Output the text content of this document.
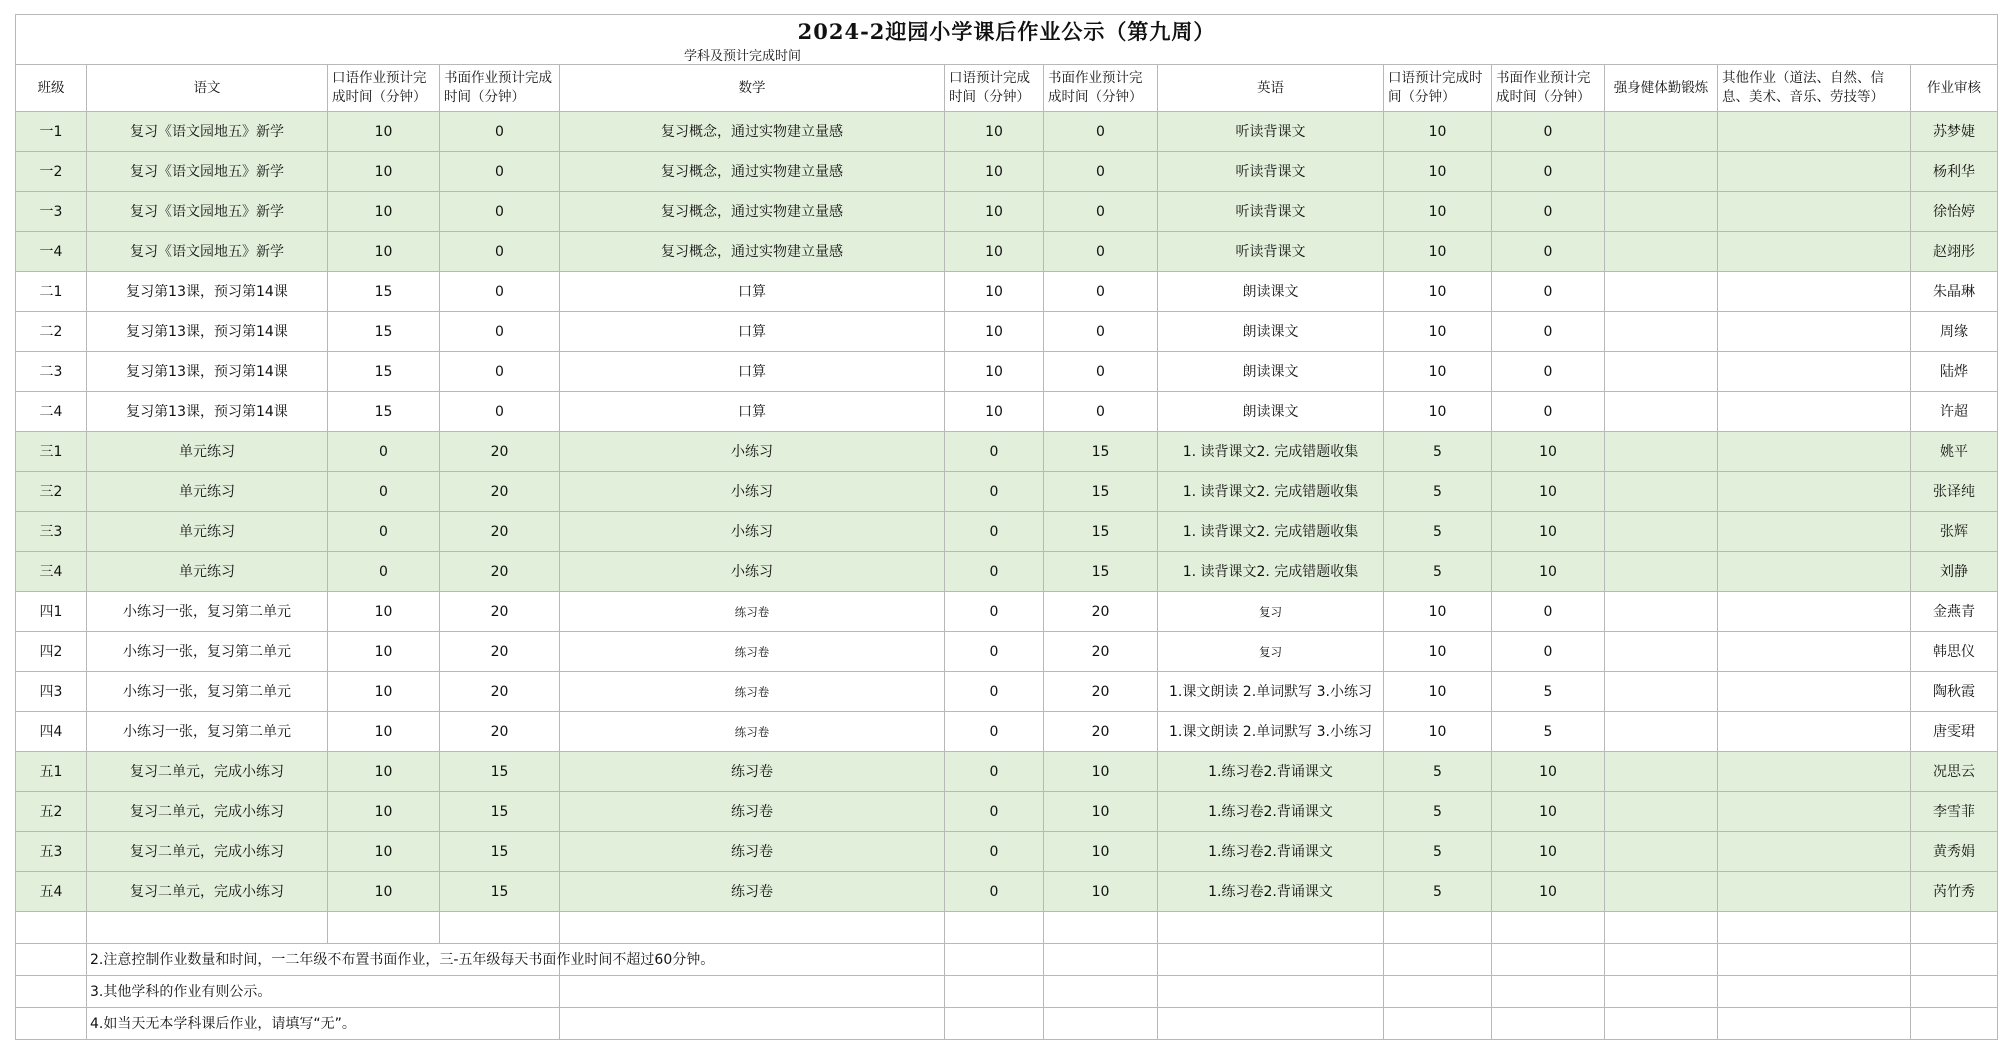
2024-2迎园小学课后作业公示（第九周）												
学科及预计完成时间												
班级	语文	口语作业预计完成时间（分钟）	书面作业预计完成时间（分钟）	数学	口语预计完成时间（分钟）	书面作业预计完成时间（分钟）	英语	口语预计完成时间（分钟）	书面作业预计完成时间（分钟）	强身健体勤锻炼	其他作业（道法、自然、信息、美术、音乐、劳技等）	作业审核
一1	复习《语文园地五》新学	10	0	复习概念，通过实物建立量感	10	0	听读背课文	10	0			苏梦婕
一2	复习《语文园地五》新学	10	0	复习概念，通过实物建立量感	10	0	听读背课文	10	0			杨利华
一3	复习《语文园地五》新学	10	0	复习概念，通过实物建立量感	10	0	听读背课文	10	0			徐怡婷
一4	复习《语文园地五》新学	10	0	复习概念，通过实物建立量感	10	0	听读背课文	10	0			赵翊彤
二1	复习第13课，预习第14课	15	0	口算	10	0	朗读课文	10	0			朱晶琳
二2	复习第13课，预习第14课	15	0	口算	10	0	朗读课文	10	0			周缘
二3	复习第13课，预习第14课	15	0	口算	10	0	朗读课文	10	0			陆烨
二4	复习第13课，预习第14课	15	0	口算	10	0	朗读课文	10	0			许超
三1	单元练习	0	20	小练习	0	15	1. 读背课文2. 完成错题收集	5	10			姚平
三2	单元练习	0	20	小练习	0	15	1. 读背课文2. 完成错题收集	5	10			张译纯
三3	单元练习	0	20	小练习	0	15	1. 读背课文2. 完成错题收集	5	10			张辉
三4	单元练习	0	20	小练习	0	15	1. 读背课文2. 完成错题收集	5	10			刘静
四1	小练习一张，复习第二单元	10	20	练习卷	0	20	复习	10	0			金燕青
四2	小练习一张，复习第二单元	10	20	练习卷	0	20	复习	10	0			韩思仪
四3	小练习一张，复习第二单元	10	20	练习卷	0	20	1.课文朗读 2.单词默写 3.小练习	10	5			陶秋霞
四4	小练习一张，复习第二单元	10	20	练习卷	0	20	1.课文朗读 2.单词默写 3.小练习	10	5			唐雯珺
五1	复习二单元，完成小练习	10	15	练习卷	0	10	1.练习卷2.背诵课文	5	10			况思云
五2	复习二单元，完成小练习	10	15	练习卷	0	10	1.练习卷2.背诵课文	5	10			李雪菲
五3	复习二单元，完成小练习	10	15	练习卷	0	10	1.练习卷2.背诵课文	5	10			黄秀娟
五4	复习二单元，完成小练习	10	15	练习卷	0	10	1.练习卷2.背诵课文	5	10			芮竹秀

	2.注意控制作业数量和时间，一二年级不布置书面作业，三-五年级每天书面作业时间不超过60分钟。											
	3.其他学科的作业有则公示。											
	4.如当天无本学科课后作业，请填写“无”。											
